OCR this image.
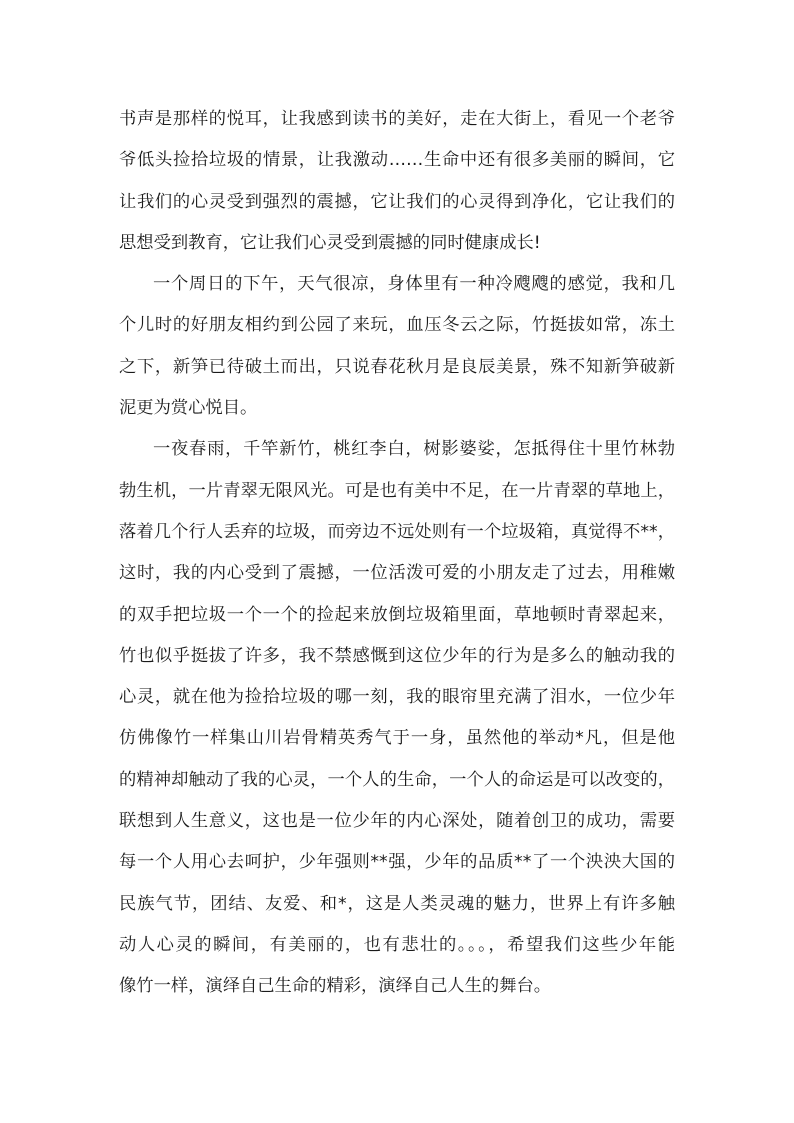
书声是那样的悦耳，让我感到读书的美好，走在大街上，看见一个老爷
爷低头捡拾垃圾的情景，让我激动……生命中还有很多美丽的瞬间，它
让我们的心灵受到强烈的震撼，它让我们的心灵得到净化，它让我们的
思想受到教育，它让我们心灵受到震撼的同时健康成长!
一个周日的下午，天气很凉，身体里有一种冷飕飕的感觉，我和几
个儿时的好朋友相约到公园了来玩，血压冬云之际，竹挺拔如常，冻土
之下，新笋已待破土而出，只说春花秋月是良辰美景，殊不知新笋破新
泥更为赏心悦目。
一夜春雨，千竿新竹，桃红李白，树影婆娑，怎抵得住十里竹林勃
勃生机，一片青翠无限风光。可是也有美中不足，在一片青翠的草地上，
落着几个行人丢弃的垃圾，而旁边不远处则有一个垃圾箱，真觉得不**，
这时，我的内心受到了震撼，一位活泼可爱的小朋友走了过去，用稚嫩
的双手把垃圾一个一个的捡起来放倒垃圾箱里面，草地顿时青翠起来，
竹也似乎挺拔了许多，我不禁感慨到这位少年的行为是多么的触动我的
心灵，就在他为捡拾垃圾的哪一刻，我的眼帘里充满了泪水，一位少年
仿佛像竹一样集山川岩骨精英秀气于一身，虽然他的举动*凡，但是他
的精神却触动了我的心灵，一个人的生命，一个人的命运是可以改变的，
联想到人生意义，这也是一位少年的内心深处，随着创卫的成功，需要
每一个人用心去呵护，少年强则**强，少年的品质**了一个泱泱大国的
民族气节，团结、友爱、和*，这是人类灵魂的魅力，世界上有许多触
动人心灵的瞬间，有美丽的，也有悲壮的。。。，希望我们这些少年能
像竹一样，演绎自己生命的精彩，演绎自己人生的舞台。
